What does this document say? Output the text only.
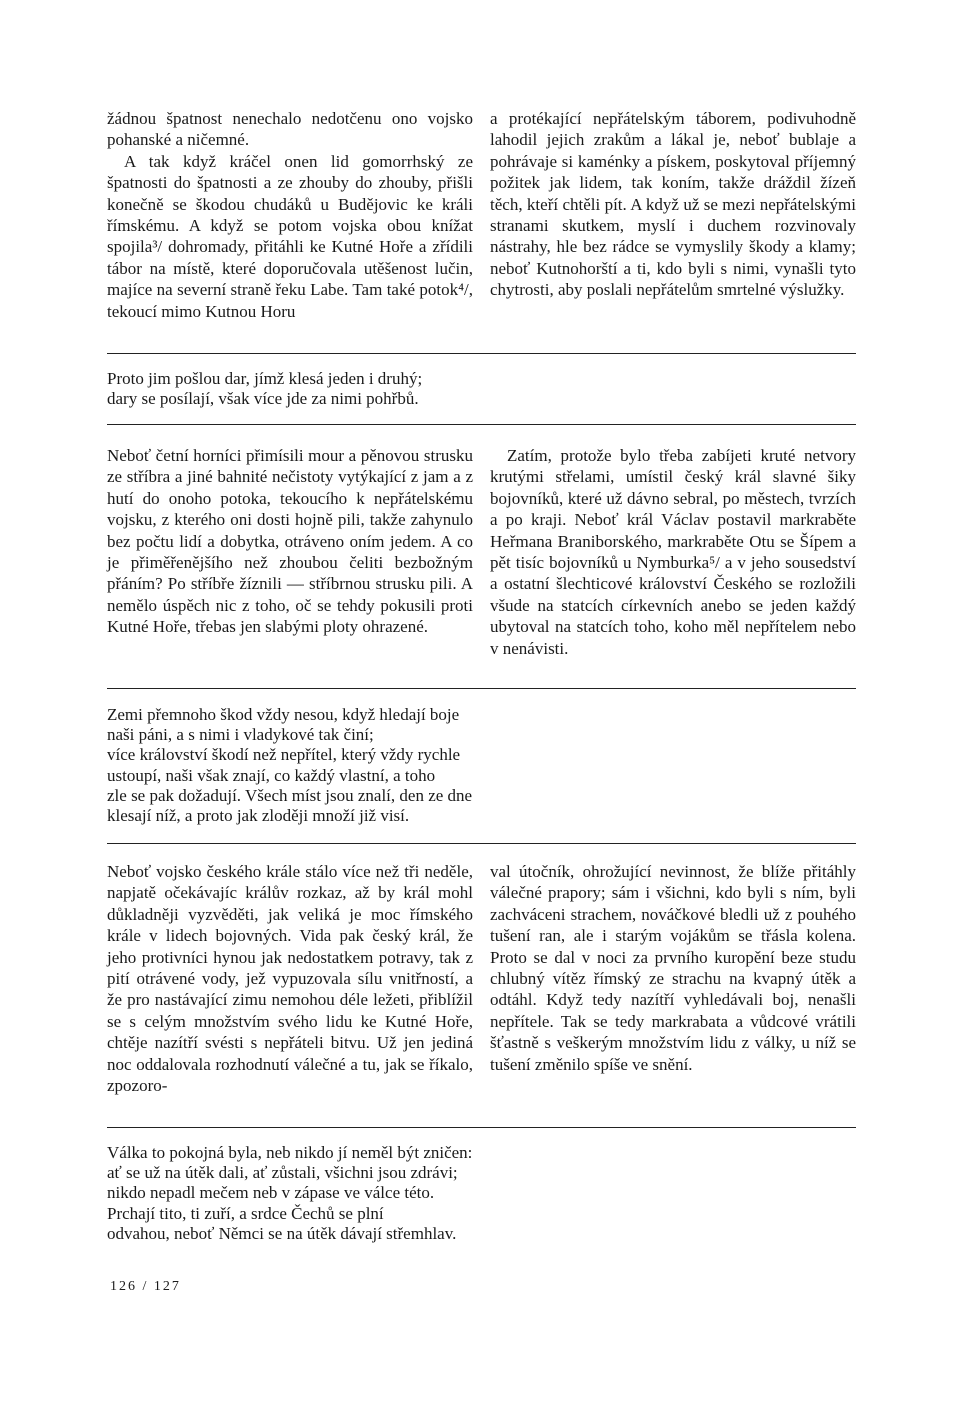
žádnou špatnost nenechalo nedotčenu ono vojsko pohanské a ničemné.

A tak když kráčel onen lid gomorrhský ze špatnosti do špatnosti a ze zhouby do zhouby, přišli konečně se škodou chudáků u Budějovic ke králi římskému. A když se potom vojska obou knížat spojila³/ dohromady, přitáhli ke Kutné Hoře a zřídili tábor na místě, které doporučovala utěšenost lučin, majíce na severní straně řeku Labe. Tam také potok⁴/, tekoucí mimo Kutnou Horu

a protékající nepřátelským táborem, podivuhodně lahodil jejich zrakům a lákal je, neboť bublaje a pohrávaje si kaménky a pískem, poskytoval příjemný požitek jak lidem, tak koním, takže dráždil žízeň těch, kteří chtěli pít. A když už se mezi nepřátelskými stranami skutkem, myslí i duchem rozvinovaly nástrahy, hle bez rádce se vymyslily škody a klamy; neboť Kutnohorští a ti, kdo byli s nimi, vynašli tyto chytrosti, aby poslali nepřátelům smrtelné výslužky.

Proto jim pošlou dar, jímž klesá jeden i druhý;
dary se posílají, však více jde za nimi pohřbů.

Neboť četní horníci přimísili mour a pěnovou strusku ze stříbra a jiné bahnité nečistoty vytýkající z jam a z hutí do onoho potoka, tekoucího k nepřátelskému vojsku, z kterého oni dosti hojně pili, takže zahynulo bez počtu lidí a dobytka, otráveno oním jedem. A co je přiměřenějšího než zhoubou čeliti bezbožným přáním? Po stříbře žíznili — stříbrnou strusku pili. A nemělo úspěch nic z toho, oč se tehdy pokusili proti Kutné Hoře, třebas jen slabými ploty ohrazené.

Zatím, protože bylo třeba zabíjeti kruté netvory krutými střelami, umístil český král slavné šiky bojovníků, které už dávno sebral, po městech, tvrzích a po kraji. Neboť král Václav postavil markraběte Heřmana Braniborského, markraběte Otu se Šípem a pět tisíc bojovníků u Nymburka⁵/ a v jeho sousedství a ostatní šlechticové království Českého se rozložili všude na statcích církevních anebo se jeden každý ubytoval na statcích toho, koho měl nepřítelem nebo v nenávisti.

Zemi přemnoho škod vždy nesou, když hledají boje
naši páni, a s nimi i vladykové tak činí;
více království škodí než nepřítel, který vždy rychle
ustoupí, naši však znají, co každý vlastní, a toho
zle se pak dožadují. Všech míst jsou znalí, den ze dne
klesají níž, a proto jak zloději množí již visí.

Neboť vojsko českého krále stálo více než tři neděle, napjatě očekávajíc králův rozkaz, až by král mohl důkladněji vyzvěděti, jak veliká je moc římského krále v lidech bojovných. Vida pak český král, že jeho protivníci hynou jak nedostatkem potravy, tak z pití otrávené vody, jež vypuzovala sílu vnitřností, a že pro nastávající zimu nemohou déle ležeti, přiblížil se s celým množstvím svého lidu ke Kutné Hoře, chtěje nazítří svésti s nepřáteli bitvu. Už jen jediná noc oddalovala rozhodnutí válečné a tu, jak se říkalo, zpozoro-

val útočník, ohrožující nevinnost, že blíže přitáhly válečné prapory; sám i všichni, kdo byli s ním, byli zachváceni strachem, nováčkové bledli už z pouhého tušení ran, ale i starým vojákům se třásla kolena. Proto se dal v noci za prvního kuropění beze studu chlubný vítěz římský ze strachu na kvapný útěk a odtáhl. Když tedy nazítří vyhledávali boj, nenašli nepřítele. Tak se tedy markrabata a vůdcové vrátili šťastně s veškerým množstvím lidu z války, u níž se tušení změnilo spíše ve snění.

Válka to pokojná byla, neb nikdo jí neměl být zničen:
ať se už na útěk dali, ať zůstali, všichni jsou zdrávi;
nikdo nepadl mečem neb v zápase ve válce této.
Prchají tito, ti zuří, a srdce Čechů se plní
odvahou, neboť Němci se na útěk dávají střemhlav.
126 / 127
